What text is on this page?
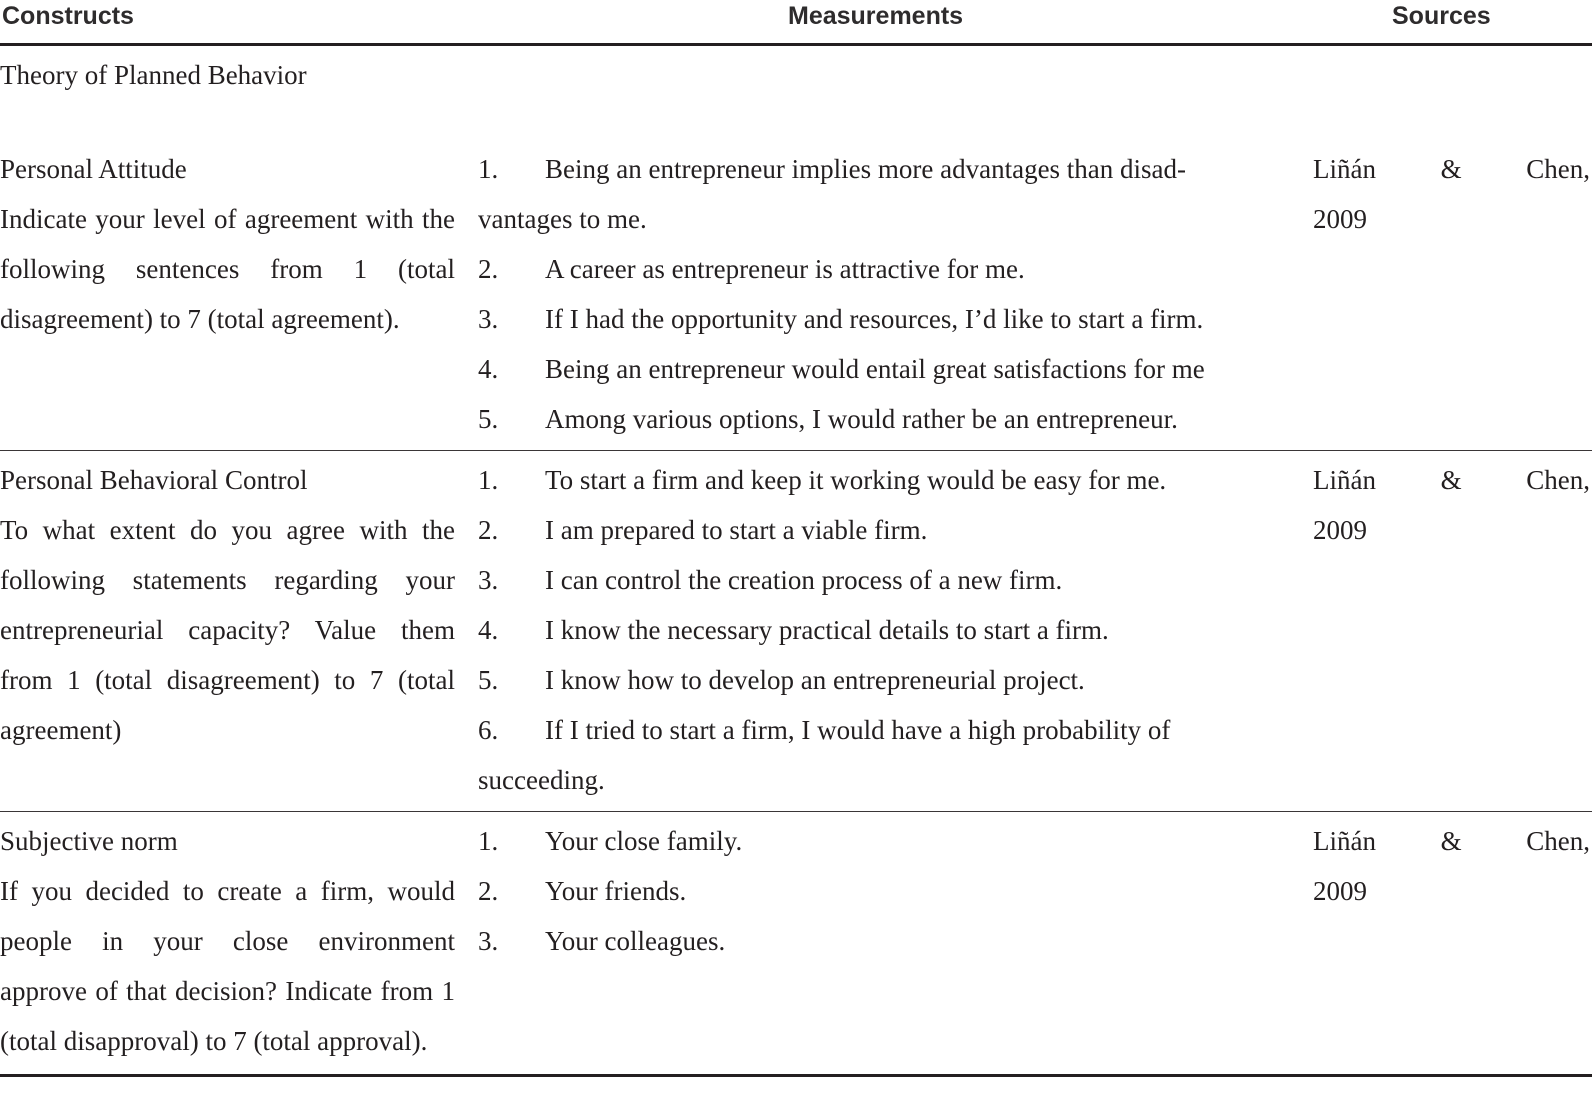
Constructs	Measurements	Sources
Theory of Planned Behavior
Personal Attitude
Indicate your level of agreement with the following sentences from 1 (total disagreement) to 7 (total agreement).
1. Being an entrepreneur implies more advantages than disad-
vantages to me.
2. A career as entrepreneur is attractive for me.
3. If I had the opportunity and resources, I’d like to start a firm.
4. Being an entrepreneur would entail great satisfactions for me
5. Among various options, I would rather be an entrepreneur.
Liñán & Chen,
2009
Personal Behavioral Control
To what extent do you agree with the following statements regarding your entrepreneurial capacity? Value them from 1 (total disagreement) to 7 (total agreement)
1. To start a firm and keep it working would be easy for me.
2. I am prepared to start a viable firm.
3. I can control the creation process of a new firm.
4. I know the necessary practical details to start a firm.
5. I know how to develop an entrepreneurial project.
6. If I tried to start a firm, I would have a high probability of
succeeding.
Liñán & Chen,
2009
Subjective norm
If you decided to create a firm, would people in your close environment approve of that decision? Indicate from 1 (total disapproval) to 7 (total approval).
1. Your close family.
2. Your friends.
3. Your colleagues.
Liñán & Chen,
2009
